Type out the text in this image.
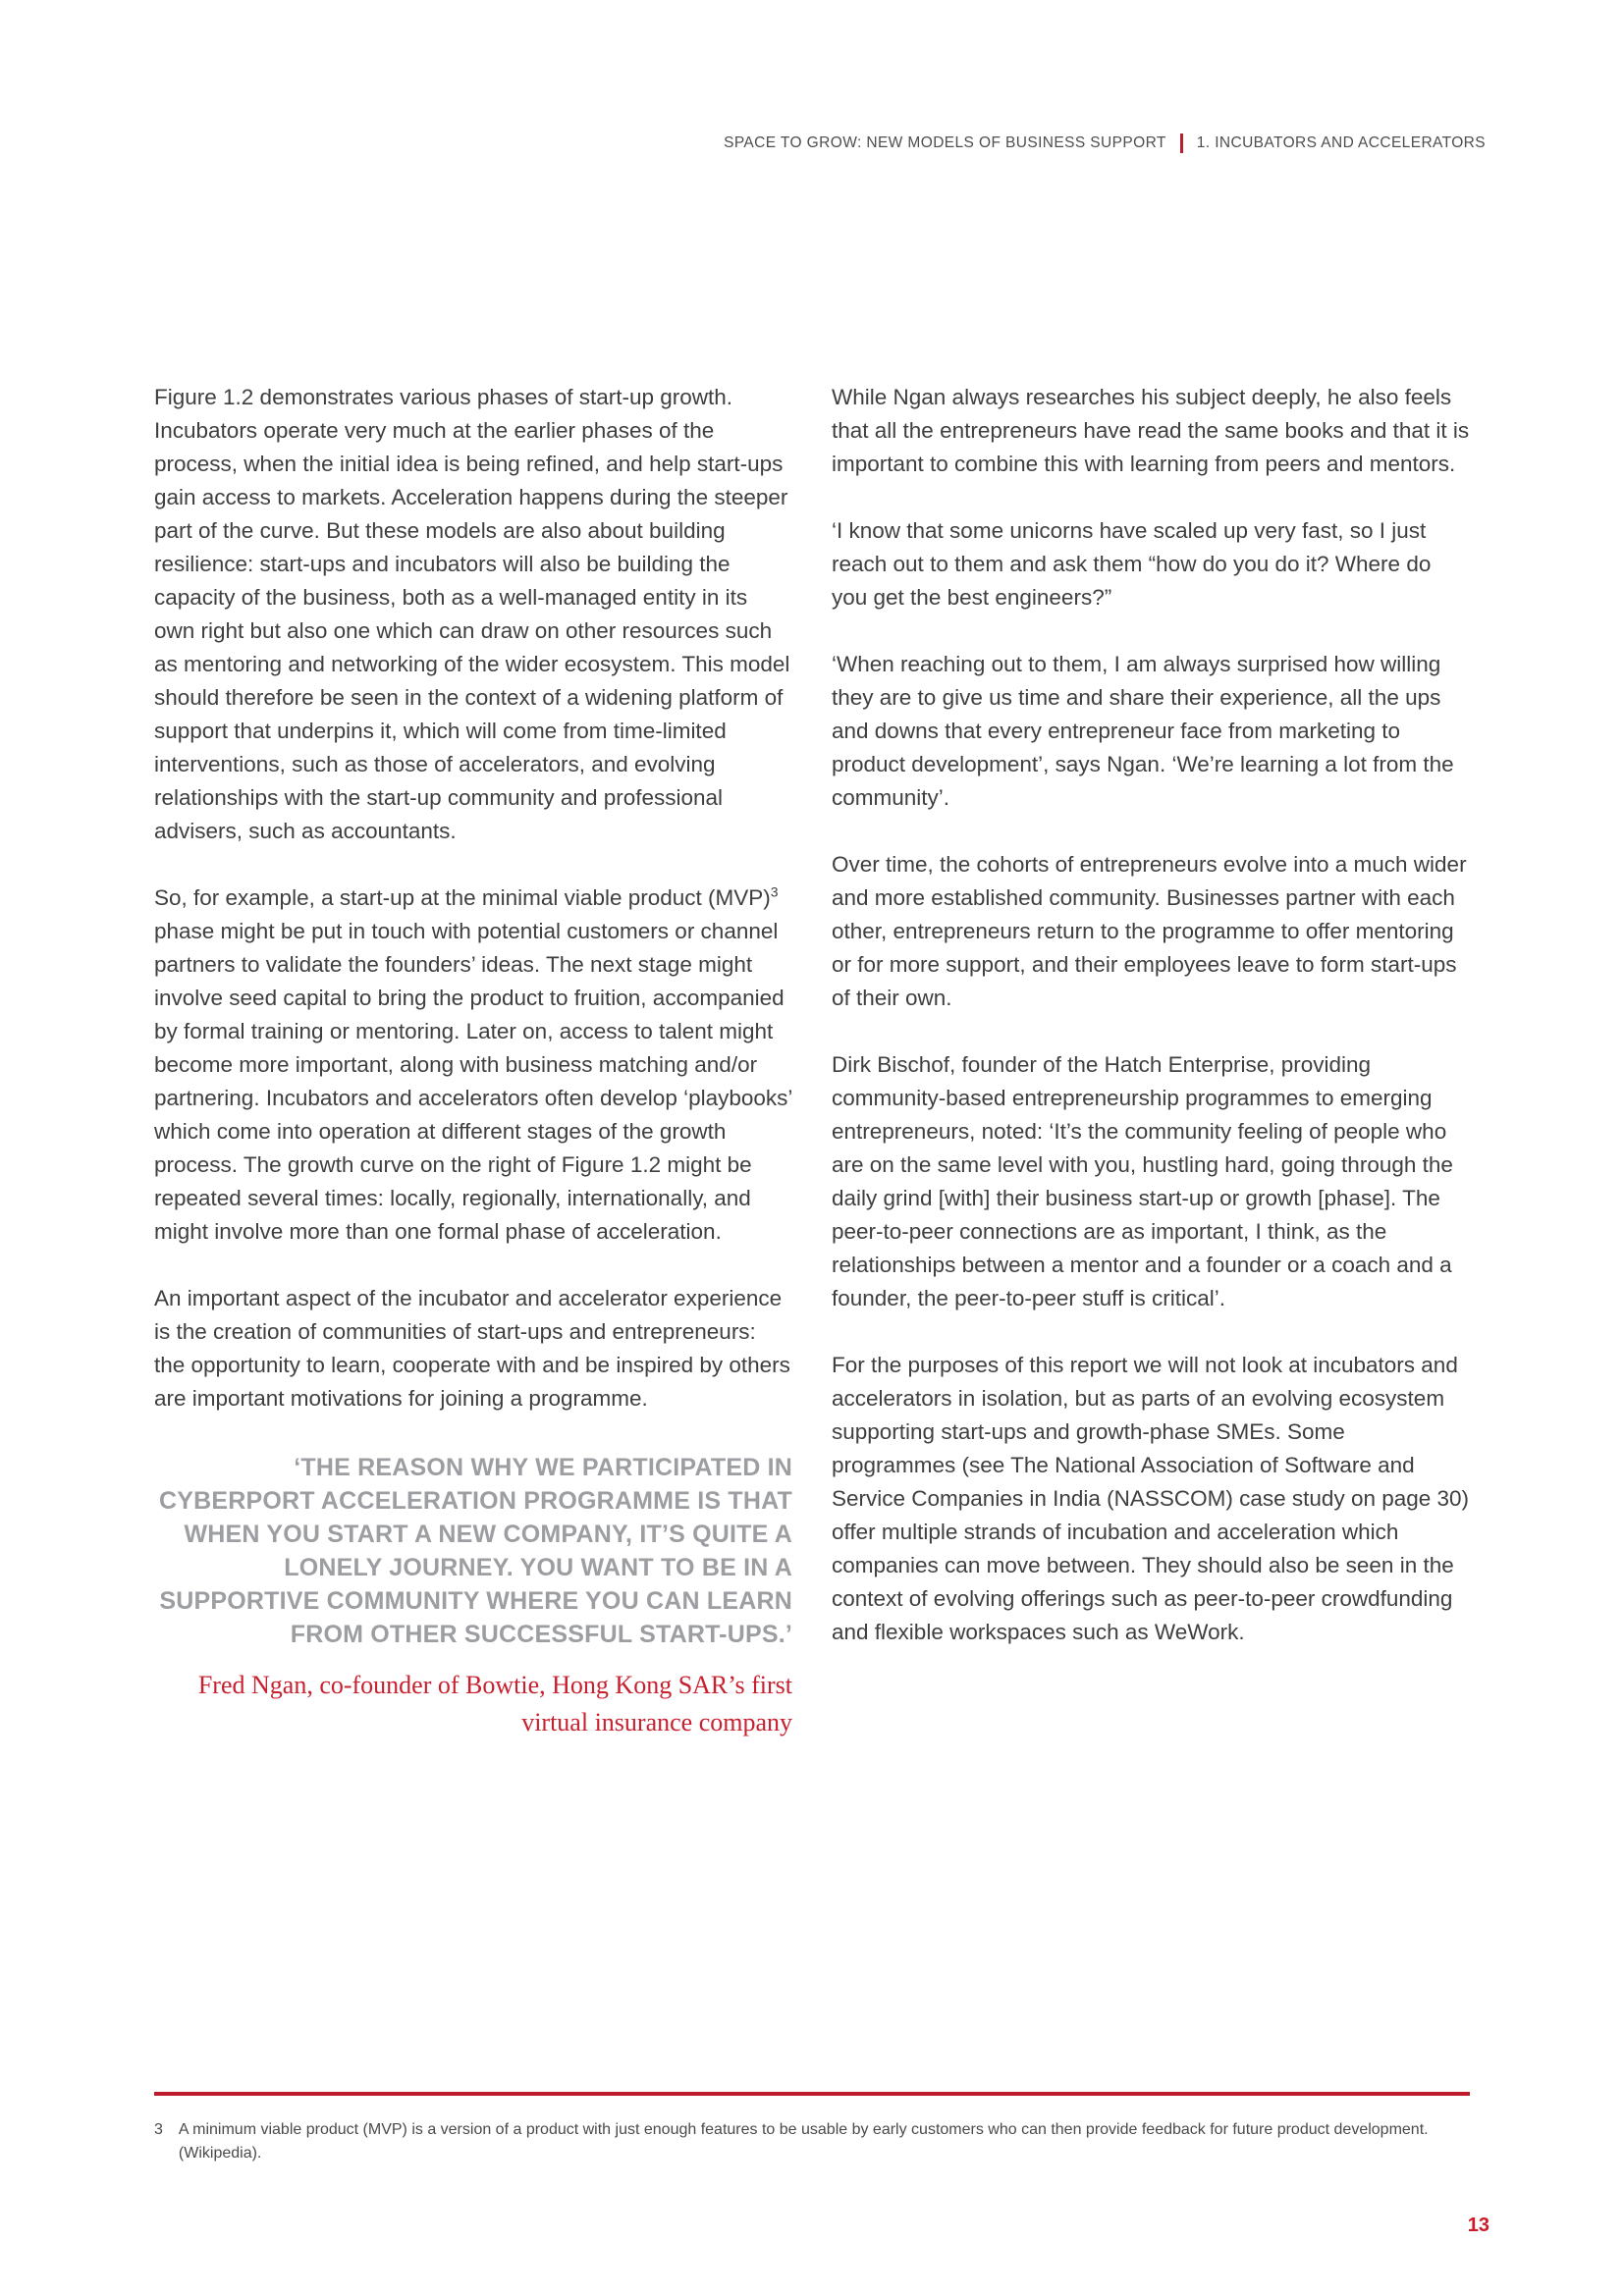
SPACE TO GROW: NEW MODELS OF BUSINESS SUPPORT 1. INCUBATORS AND ACCELERATORS

Figure 1.2 demonstrates various phases of start-up growth. Incubators operate very much at the earlier phases of the process, when the initial idea is being refined, and help start-ups gain access to markets. Acceleration happens during the steeper part of the curve. But these models are also about building resilience: start-ups and incubators will also be building the capacity of the business, both as a well-managed entity in its own right but also one which can draw on other resources such as mentoring and networking of the wider ecosystem. This model should therefore be seen in the context of a widening platform of support that underpins it, which will come from time-limited interventions, such as those of accelerators, and evolving relationships with the start-up community and professional advisers, such as accountants.

So, for example, a start-up at the minimal viable product (MVP)$^3$ phase might be put in touch with potential customers or channel partners to validate the founders’ ideas. The next stage might involve seed capital to bring the product to fruition, accompanied by formal training or mentoring. Later on, access to talent might become more important, along with business matching and/or partnering. Incubators and accelerators often develop ‘playbooks’ which come into operation at different stages of the growth process. The growth curve on the right of Figure 1.2 might be repeated several times: locally, regionally, internationally, and might involve more than one formal phase of acceleration.

An important aspect of the incubator and accelerator experience is the creation of communities of start-ups and entrepreneurs: the opportunity to learn, cooperate with and be inspired by others are important motivations for joining a programme.

‘THE REASON WHY WE PARTICIPATED IN CYBERPORT ACCELERATION PROGRAMME IS THAT WHEN YOU START A NEW COMPANY, IT’S QUITE A LONELY JOURNEY. YOU WANT TO BE IN A SUPPORTIVE COMMUNITY WHERE YOU CAN LEARN FROM OTHER SUCCESSFUL START-UPS.’
Fred Ngan, co-founder of Bowtie, Hong Kong SAR’s first virtual insurance company

While Ngan always researches his subject deeply, he also feels that all the entrepreneurs have read the same books and that it is important to combine this with learning from peers and mentors.

‘I know that some unicorns have scaled up very fast, so I just reach out to them and ask them “how do you do it? Where do you get the best engineers?”

‘When reaching out to them, I am always surprised how willing they are to give us time and share their experience, all the ups and downs that every entrepreneur face from marketing to product development’, says Ngan. ‘We’re learning a lot from the community’.

Over time, the cohorts of entrepreneurs evolve into a much wider and more established community. Businesses partner with each other, entrepreneurs return to the programme to offer mentoring or for more support, and their employees leave to form start-ups of their own.

Dirk Bischof, founder of the Hatch Enterprise, providing community-based entrepreneurship programmes to emerging entrepreneurs, noted: ‘It’s the community feeling of people who are on the same level with you, hustling hard, going through the daily grind [with] their business start-up or growth [phase]. The peer-to-peer connections are as important, I think, as the relationships between a mentor and a founder or a coach and a founder, the peer-to-peer stuff is critical’.

For the purposes of this report we will not look at incubators and accelerators in isolation, but as parts of an evolving ecosystem supporting start-ups and growth-phase SMEs. Some programmes (see The National Association of Software and Service Companies in India (NASSCOM) case study on page 30) offer multiple strands of incubation and acceleration which companies can move between. They should also be seen in the context of evolving offerings such as peer-to-peer crowdfunding and flexible workspaces such as WeWork.

3 A minimum viable product (MVP) is a version of a product with just enough features to be usable by early customers who can then provide feedback for future product development. (Wikipedia).
13
